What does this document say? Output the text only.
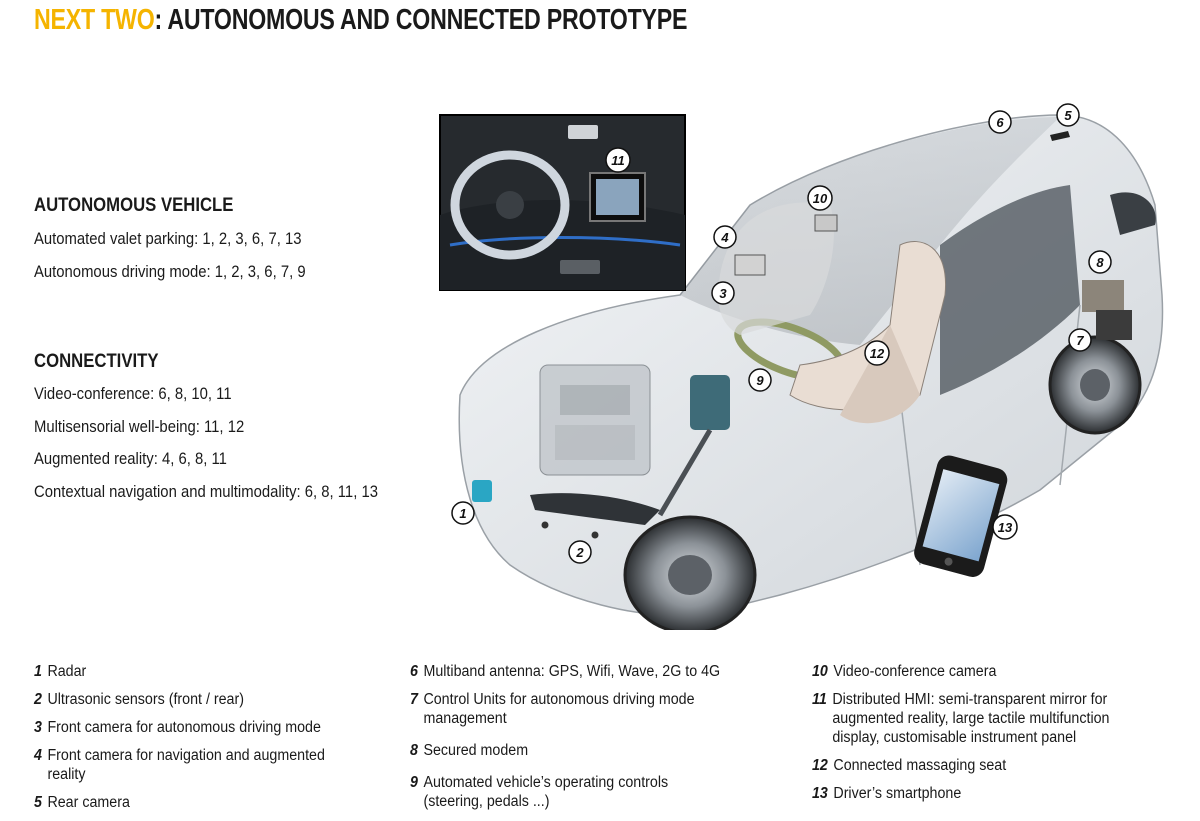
NEXT TWO: AUTONOMOUS AND CONNECTED PROTOTYPE
AUTONOMOUS VEHICLE
Automated valet parking: 1, 2, 3, 6, 7, 13
Autonomous driving mode: 1, 2, 3, 6, 7, 9
CONNECTIVITY
Video-conference: 6, 8, 10, 11
Multisensorial well-being: 11, 12
Augmented reality: 4, 6, 8, 11
Contextual navigation and multimodality: 6, 8, 11, 13
1
2
3
4
5
6
7
8
9
10
11
12
13
1 Radar
2 Ultrasonic sensors (front / rear)
3 Front camera for autonomous driving mode
4 Front camera for navigation and augmented reality
5 Rear camera
6 Multiband antenna: GPS, Wifi, Wave, 2G to 4G
7 Control Units for autonomous driving mode management
8 Secured modem
9 Automated vehicle’s operating controls (steering, pedals ...)
10 Video-conference camera
11 Distributed HMI: semi-transparent mirror for augmented reality, large tactile multifunction display, customisable instrument panel
12 Connected massaging seat
13 Driver’s smartphone
